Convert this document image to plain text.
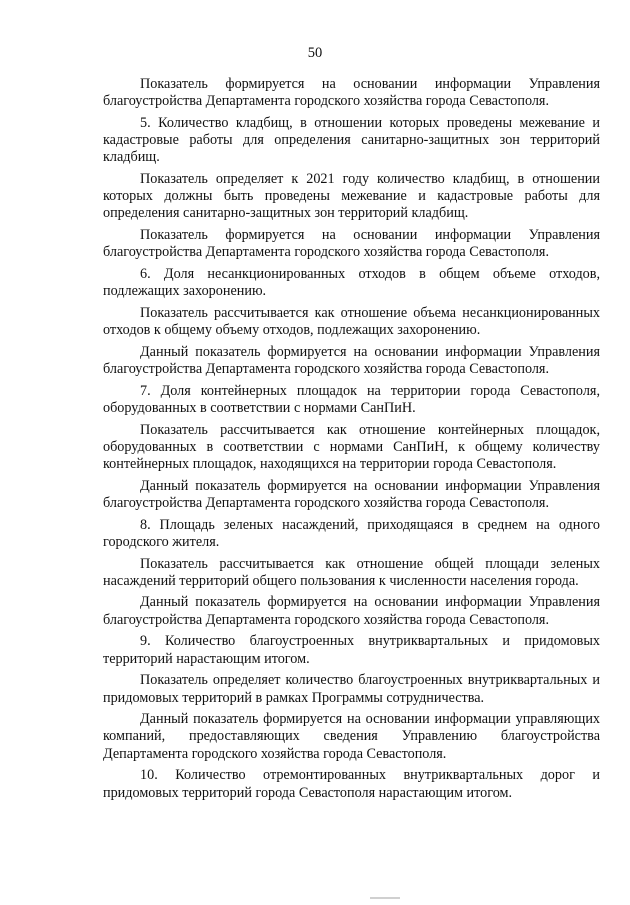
50

Показатель формируется на основании информации Управления благоустройства Департамента городского хозяйства города Севастополя.

5. Количество кладбищ, в отношении которых проведены межевание и кадастровые работы для определения санитарно-защитных зон территорий кладбищ.

Показатель определяет к 2021 году количество кладбищ, в отношении которых должны быть проведены межевание и кадастровые работы для определения санитарно-защитных зон территорий кладбищ.

Показатель формируется на основании информации Управления благоустройства Департамента городского хозяйства города Севастополя.

6. Доля несанкционированных отходов в общем объеме отходов, подлежащих захоронению.

Показатель рассчитывается как отношение объема несанкционированных отходов к общему объему отходов, подлежащих захоронению.

Данный показатель формируется на основании информации Управления благоустройства Департамента городского хозяйства города Севастополя.

7. Доля контейнерных площадок на территории города Севастополя, оборудованных в соответствии с нормами СанПиН.

Показатель рассчитывается как отношение контейнерных площадок, оборудованных в соответствии с нормами СанПиН, к общему количеству контейнерных площадок, находящихся на территории города Севастополя.

Данный показатель формируется на основании информации Управления благоустройства Департамента городского хозяйства города Севастополя.

8. Площадь зеленых насаждений, приходящаяся в среднем на одного городского жителя.

Показатель рассчитывается как отношение общей площади зеленых насаждений территорий общего пользования к численности населения города.

Данный показатель формируется на основании информации Управления благоустройства Департамента городского хозяйства города Севастополя.

9. Количество благоустроенных внутриквартальных и придомовых территорий нарастающим итогом.

Показатель определяет количество благоустроенных внутриквартальных и придомовых территорий в рамках Программы сотрудничества.

Данный показатель формируется на основании информации управляющих компаний, предоставляющих сведения Управлению благоустройства Департамента городского хозяйства города Севастополя.

10. Количество отремонтированных внутриквартальных дорог и придомовых территорий города Севастополя нарастающим итогом.
